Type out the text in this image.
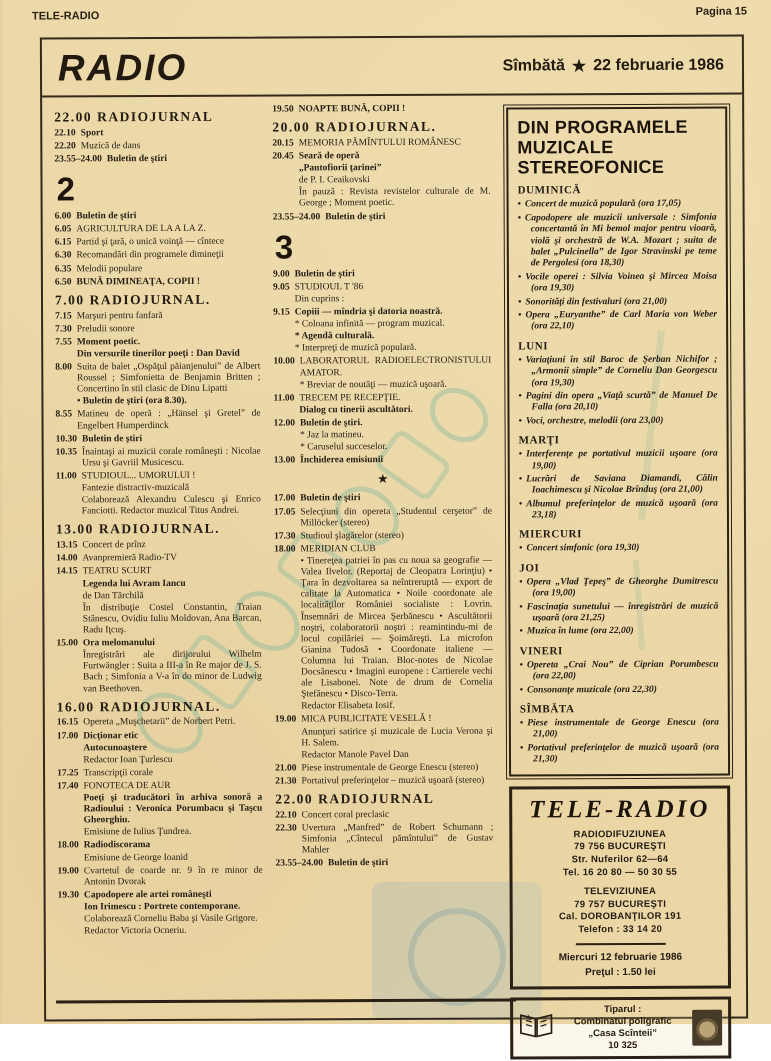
TELE-RADIO	Pagina 15
RADIO	Sîmbătă ★ 22 februarie 1986
22.00 RADIOJURNAL
22.10 Sport
22.20 Muzică de dans
23.55–24.00 Buletin de ştiri
2
6.00 Buletin de ştiri
6.05 AGRICULTURA DE LA A LA Z.
6.15 Partid şi ţară, o unică voinţă — cîntece
6.30 Recomandări din programele dimineţii
6.35 Melodii populare
6.50 BUNĂ DIMINEAŢA, COPII !
7.00 RADIOJURNAL.
7.15 Marşuri pentru fanfară
7.30 Preludii sonore
7.55 Moment poetic.
Din versurile tinerilor poeţi : Dan David
8.00 Suita de balet „Ospăţul păianjenului” de Albert Roussel ; Simfonietta de Benjamin Britten ; Concertino în stil clasic de Dinu Lipatti
• Buletin de ştiri (ora 8.30).
8.55 Matineu de operă : „Hänsel şi Gretel” de Engelbert Humperdinck
10.30 Buletin de ştiri
10.35 Înaintaşi ai muzicii corale româneşti : Nicolae Ursu şi Gavriil Musicescu.
11.00 STUDIOUL... UMORULUI !
Fantezie distractiv-muzicală
Colaborează Alexandru Culescu şi Enrico Fanciotti. Redactor muzical Titus Andrei.
13.00 RADIOJURNAL.
13.15 Concert de prînz
14.00 Avanpremieră Radio-TV
14.15 TEATRU SCURT
Legenda lui Avram Iancu
de Dan Tărchilă
În distribuţie Costel Constantin, Traian Stănescu, Ovidiu Iuliu Moldovan, Ana Barcan, Radu Iţcuş.
15.00 Ora melomanului
Înregistrări ale dirijorului Wilhelm Furtwängler : Suita a III-a în Re major de J. S. Bach ; Simfonia a V-a în do minor de Ludwig van Beethoven.
16.00 RADIOJURNAL.
16.15 Opereta „Muşchetarii” de Norbert Petri.
17.00 Dicţionar etic
Autocunoaştere
Redactor Ioan Ţurlescu
17.25 Transcripţii corale
17.40 FONOTECA DE AUR
Poeţi şi traducători în arhiva sonoră a Radioului : Veronica Porumbacu şi Taşcu Gheorghiu.
Emisiune de Iulius Ţundrea.
18.00 Radiodiscorama
Emisiune de George Ioanid
19.00 Cvartetul de coarde nr. 9 în re minor de Antonin Dvorak
19.30 Capodopere ale artei româneşti
Ion Irimescu : Portrete contemporane.
Colaborează Corneliu Baba şi Vasile Grigore.
Redactor Victoria Ocneriu.
19.50 NOAPTE BUNĂ, COPII !
20.00 RADIOJURNAL.
20.15 MEMORIA PĂMÎNTULUI ROMÂNESC
20.45 Seară de operă
„Pantofiorii ţarinei”
de P. I. Ceaikovski
În pauză : Revista revistelor culturale de M. George ; Moment poetic.
23.55–24.00 Buletin de ştiri
3
9.00 Buletin de ştiri
9.05 STUDIOUL T '86
Din cuprins :
9.15 Copiii — mîndria şi datoria noastră.
* Coloana infinită — program muzical.
* Agendă culturală.
* Interpreţi de muzică populară.
10.00 LABORATORUL RADIOELECTRONISTULUI AMATOR.
* Breviar de noutăţi — muzică uşoară.
11.00 TRECEM PE RECEPŢIE.
Dialog cu tinerii ascultători.
12.00 Buletin de ştiri.
* Jaz la matineu.
* Caruselul succeselor.
13.00 Închiderea emisiunii
★
17.00 Buletin de ştiri
17.05 Selecţiuni din opereta „Studentul cerşetor” de Millöcker (stereo)
17.30 Studioul şlagărelor (stereo)
18.00 MERIDIAN CLUB
• Tinereţea patriei în pas cu noua sa geografie — Valea Ilvelor. (Reportaj de Cleopatra Lorinţiu) • Ţara în dezvoltarea sa neîntreruptă — export de calitate la Automatica • Noile coordonate ale localităţilor României socialiste : Lovrin. Însemnări de Mircea Şerbănescu • Ascultătorii noştri, colaboratorii noştri : reamintindu-mi de locul copilăriei — Şoimăreşti. La microfon Gianina Tudosă • Coordonate italiene — Columna lui Traian. Bloc-notes de Nicolae Docsănescu • Imagini europene : Cartierele vechi ale Lisabonei. Note de drum de Cornelia Ştefănescu • Disco-Terra.
Redactor Elisabeta Iosif.
19.00 MICA PUBLICITATE VESELĂ !
Anunţuri satirice şi muzicale de Lucia Verona şi H. Salem.
Redactor Manole Pavel Dan
21.00 Piese instrumentale de George Enescu (stereo)
21.30 Portativul preferinţelor – muzică uşoară (stereo)
22.00 RADIOJURNAL
22.10 Concert coral preclasic
22.30 Uvertura „Manfred” de Robert Schumann ; Simfonia „Cîntecul pămîntului” de Gustav Mahler
23.55–24.00 Buletin de ştiri
DIN PROGRAMELE MUZICALE STEREOFONICE
DUMINICĂ
• Concert de muzică populară (ora 17,05)
• Capodopere ale muzicii universale : Simfonia concertantă în Mi bemol major pentru vioară, violă şi orchestră de W.A. Mozart ; suita de balet „Pulcinella” de Igor Stravinski pe teme de Pergolesi (ora 18,30)
• Vocile operei : Silvia Voinea şi Mircea Moisa (ora 19,30)
• Sonorităţi din festivaluri (ora 21,00)
• Opera „Euryanthe” de Carl Maria von Weber (ora 22,10)
LUNI
• Variaţiuni în stil Baroc de Şerban Nichifor ; „Armonii simple” de Corneliu Dan Georgescu (ora 19,30)
• Pagini din opera „Viaţă scurtă” de Manuel De Falla (ora 20,10)
• Voci, orchestre, melodii (ora 23,00)
MARŢI
• Interferenţe pe portativul muzicii uşoare (ora 19,00)
• Lucrări de Saviana Diamandi, Călin Ioachimescu şi Nicolae Brînduş (ora 21,00)
• Albumul preferinţelor de muzică uşoară (ora 23,18)
MIERCURI
• Concert simfonic (ora 19,30)
JOI
• Opera „Vlad Ţepeş” de Gheorghe Dumitrescu (ora 19,00)
• Fascinaţia sunetului — înregistrări de muzică uşoară (ora 21,25)
• Muzica în lume (ora 22,00)
VINERI
• Opereta „Crai Nou” de Ciprian Porumbescu (ora 22,00)
• Consonanţe muzicale (ora 22,30)
SÎMBĂTA
• Piese instrumentale de George Enescu (ora 21,00)
• Portativul preferinţelor de muzică uşoară (ora 21,30)
TELE-RADIO
RADIODIFUZIUNEA
79 756 BUCUREŞTI
Str. Nuferilor 62—64
Tel. 16 20 80 — 50 30 55
TELEVIZIUNEA
79 757 BUCUREŞTI
Cal. DOROBANŢILOR 191
Telefon : 33 14 20
Miercuri 12 februarie 1986
Preţul : 1.50 lei
Tiparul :
Combinatul poligrafic
„Casa Scînteii”
10 325
